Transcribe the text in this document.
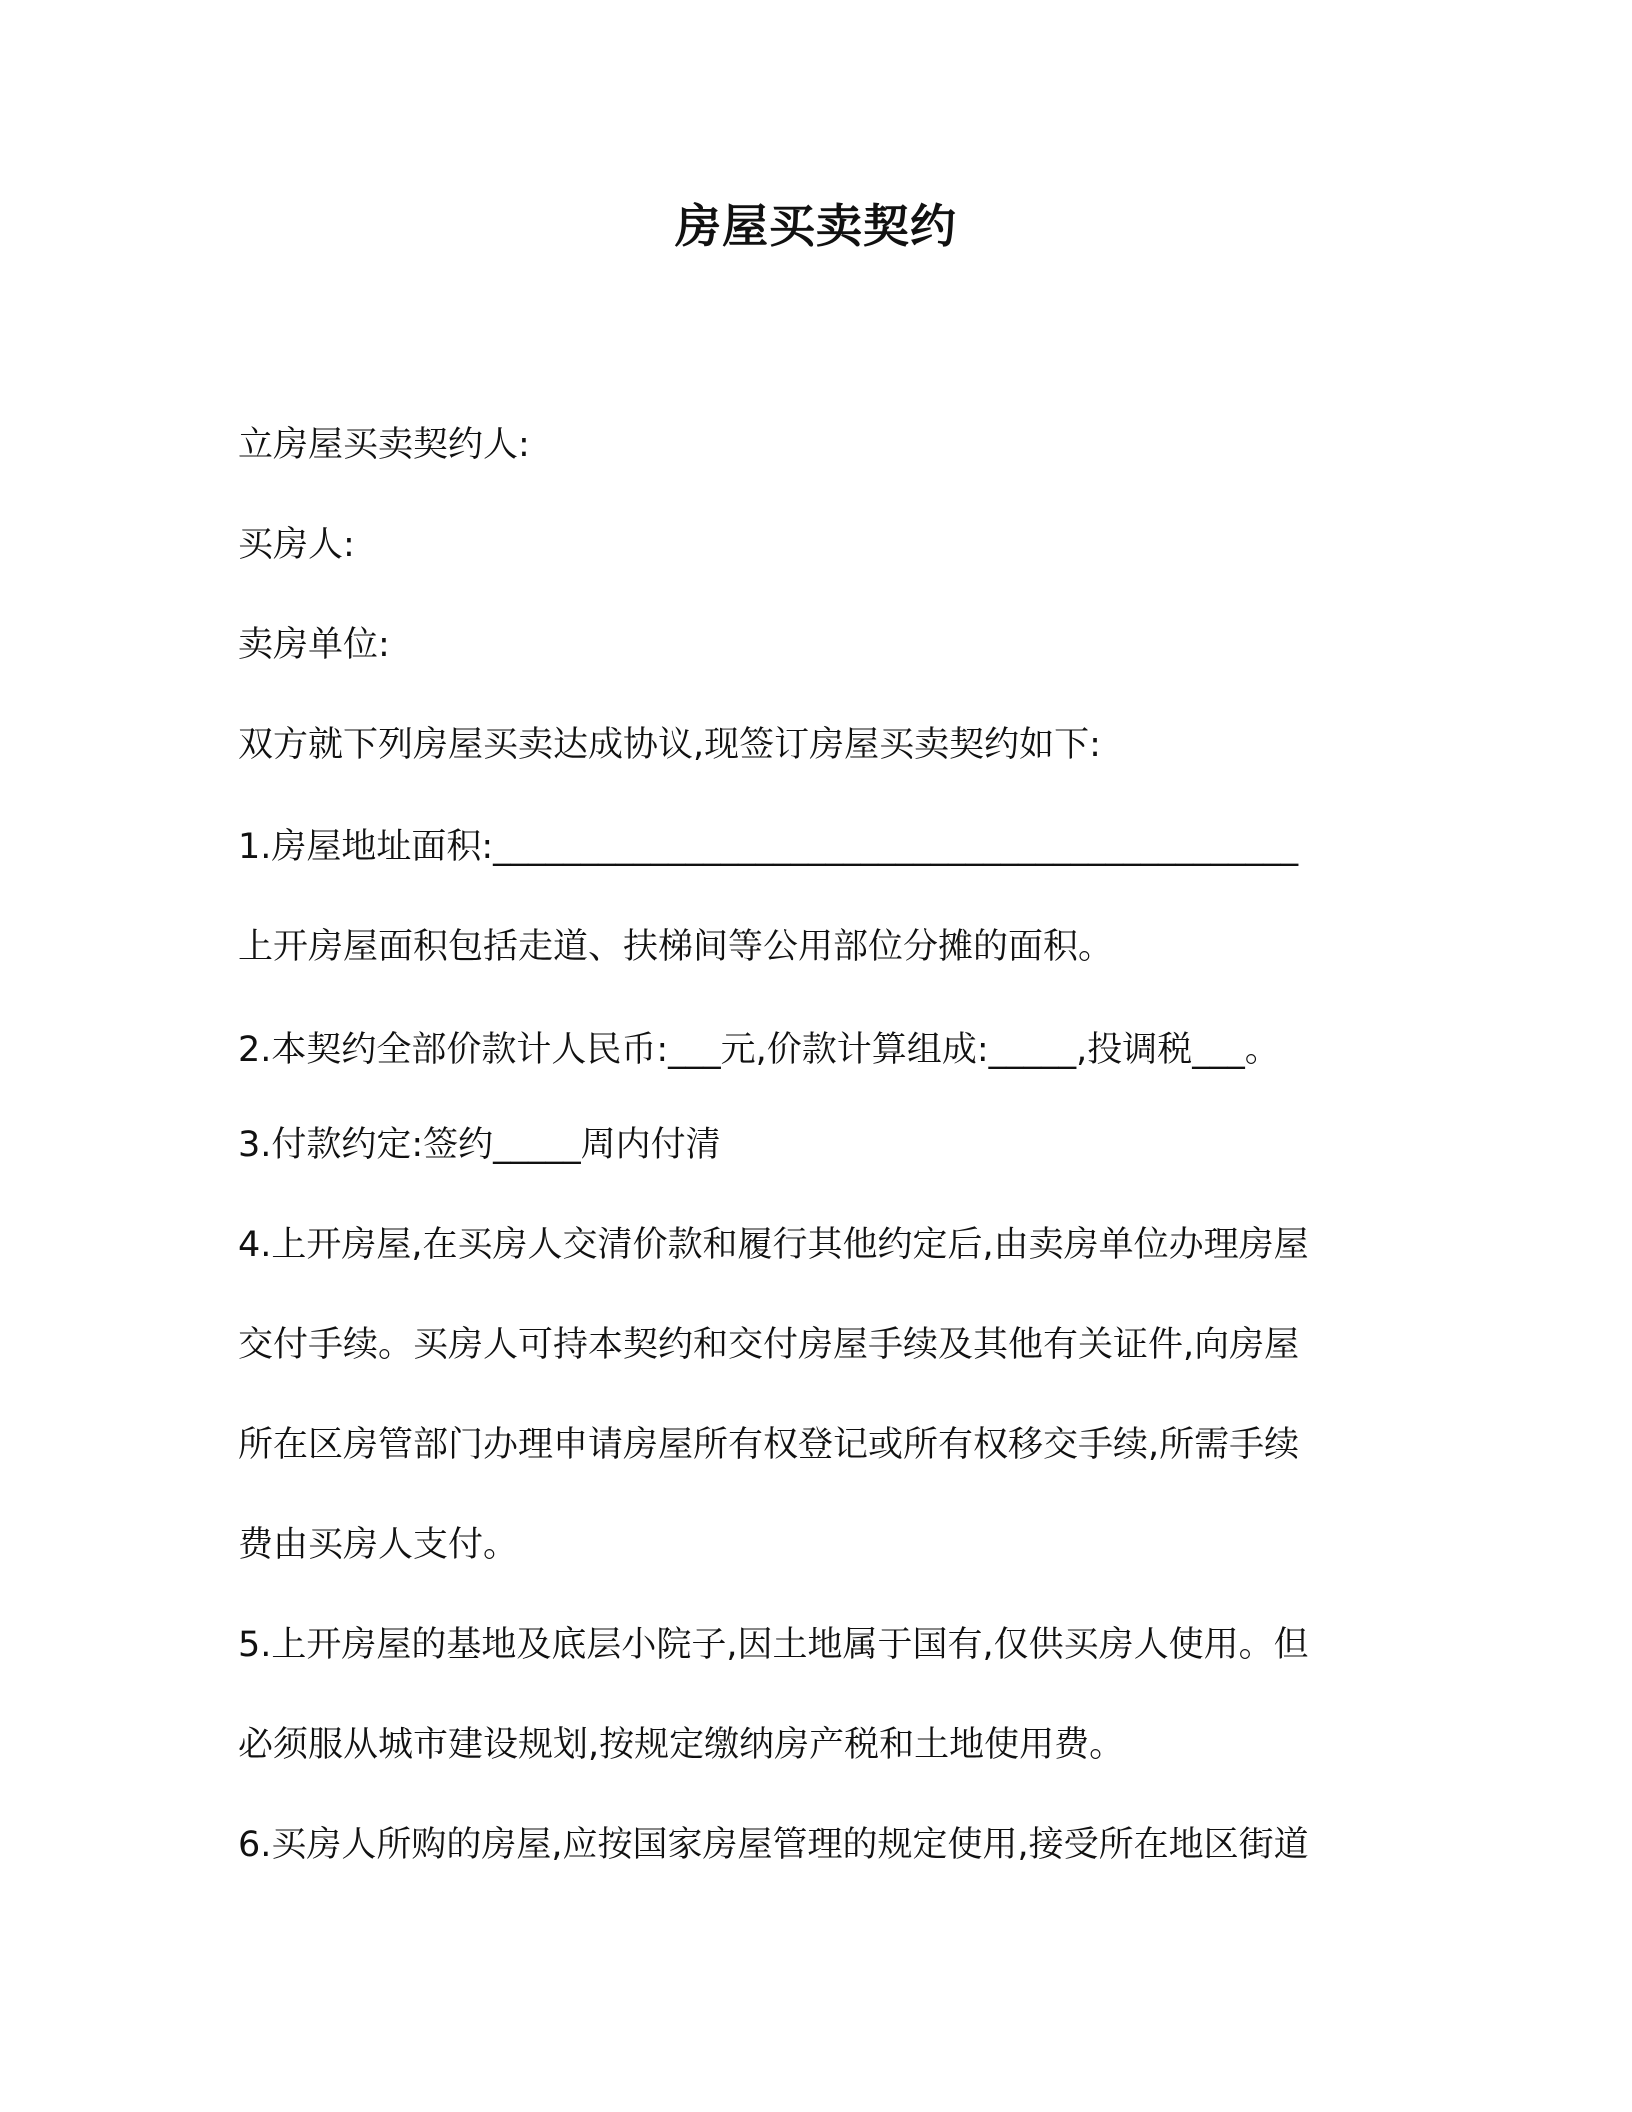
房屋买卖契约

立房屋买卖契约人:

买房人:

卖房单位:

双方就下列房屋买卖达成协议,现签订房屋买卖契约如下:

1.房屋地址面积:______________________________________________

上开房屋面积包括走道、扶梯间等公用部位分摊的面积。

2.本契约全部价款计人民币:___元,价款计算组成:_____,投调税___。

3.付款约定:签约_____周内付清

4.上开房屋,在买房人交清价款和履行其他约定后,由卖房单位办理房屋

交付手续。买房人可持本契约和交付房屋手续及其他有关证件,向房屋

所在区房管部门办理申请房屋所有权登记或所有权移交手续,所需手续

费由买房人支付。

5.上开房屋的基地及底层小院子,因土地属于国有,仅供买房人使用。但

必须服从城市建设规划,按规定缴纳房产税和土地使用费。

6.买房人所购的房屋,应按国家房屋管理的规定使用,接受所在地区街道
